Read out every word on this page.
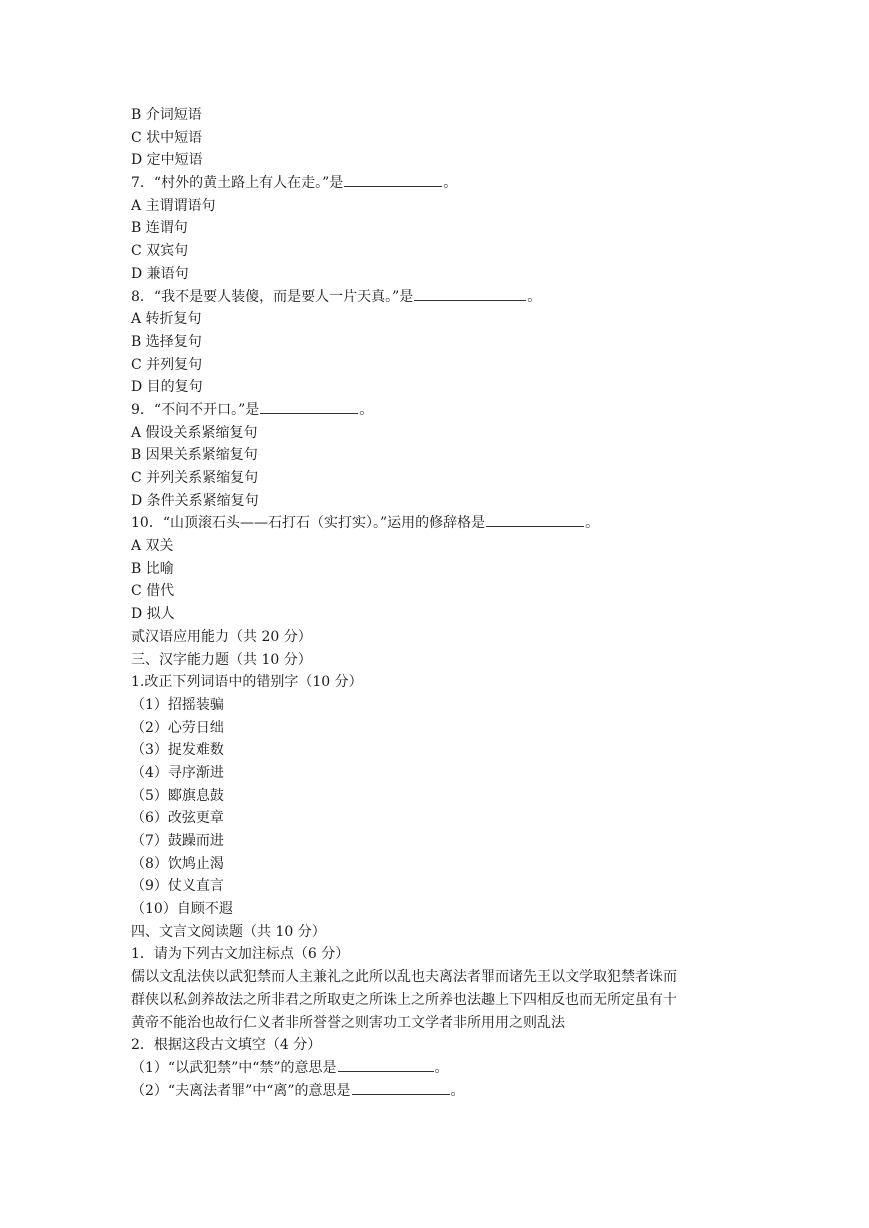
B 介词短语
C 状中短语
D 定中短语
7．“村外的黄土路上有人在走。”是	。
A 主谓谓语句
B 连谓句
C 双宾句
D 兼语句
8．“我不是要人装傻，而是要人一片天真。”是	。
A 转折复句
B 选择复句
C 并列复句
D 目的复句
9．“不问不开口。”是	。
A 假设关系紧缩复句
B 因果关系紧缩复句
C 并列关系紧缩复句
D 条件关系紧缩复句
10．“山顶滚石头——石打石（实打实）。”运用的修辞格是	。
A 双关
B 比喻
C 借代
D 拟人
贰汉语应用能力（共 20 分）
三、汉字能力题（共 10 分）
1.改正下列词语中的错别字（10 分）
（1）招摇装骗
（2）心劳日绌
（3）捉发难数
（4）寻序渐进
（5）郾旗息鼓
（6）改弦更章
（7）鼓躁而进
（8）饮鸠止渴
（9）仗义直言
（10）自顾不遐
四、文言文阅读题（共 10 分）
1．请为下列古文加注标点（6 分）
儒以文乱法侠以武犯禁而人主兼礼之此所以乱也夫离法者罪而诸先王以文学取犯禁者诛而
群侠以私剑养故法之所非君之所取吏之所诛上之所养也法趣上下四相反也而无所定虽有十
黄帝不能治也故行仁义者非所誉誉之则害功工文学者非所用用之则乱法
2．根据这段古文填空（4 分）
（1）“以武犯禁”中“禁”的意思是	。
（2）“夫离法者罪”中“离”的意思是	。
